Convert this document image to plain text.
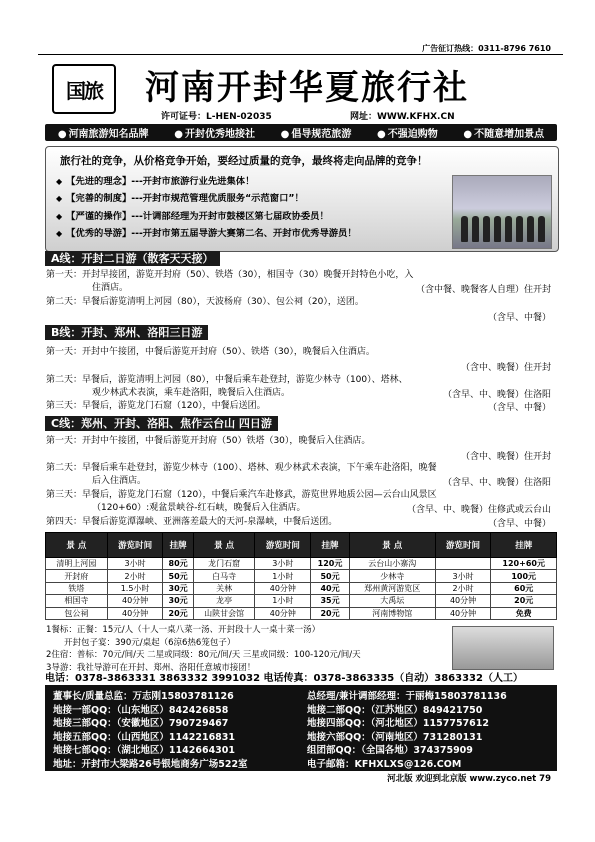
广告征订热线：0311-8796 7610
国旅 河南开封华夏旅行社
许可证号：L-HEN-02035	网址：WWW.KFHX.CN
● 河南旅游知名品牌	● 开封优秀地接社	● 倡导规范旅游	● 不强迫购物	● 不随意增加景点
旅行社的竞争，从价格竞争开始，要经过质量的竞争，最终将走向品牌的竞争！
◆ 【先进的理念】---开封市旅游行业先进集体！
◆ 【完善的制度】---开封市规范管理优质服务“示范窗口”！
◆ 【严谨的操作】---计调部经理为开封市鼓楼区第七届政协委员！
◆ 【优秀的导游】---开封市第五届导游大赛第二名、开封市优秀导游员！
A线：开封二日游（散客天天接）
第一天：开封早接团，游览开封府（50）、铁塔（30），相国寺（30）晚餐开封特色小吃，入
住酒店。	（含中餐、晚餐客人自理）住开封
第二天：早餐后游览清明上河园（80），天波杨府（30）、包公祠（20），送团。
（含早、中餐）
B线：开封、郑州、洛阳三日游
第一天：开封中午接团，中餐后游览开封府（50）、铁塔（30），晚餐后入住酒店。
（含中、晚餐）住开封
第二天：早餐后，游览清明上河园（80），中餐后乘车赴登封，游览少林寺（100）、塔林、
观少林武术表演，乘车赴洛阳，晚餐后入住酒店。	（含早、中、晚餐）住洛阳
第三天：早餐后，游览龙门石窟（120），中餐后送团。	（含早、中餐）
C线：郑州、开封、洛阳、焦作云台山 四日游
第一天：开封中午接团，中餐后游览开封府（50）铁塔（30），晚餐后入住酒店。
（含中、晚餐）住开封
第二天：早餐后乘车赴登封，游览少林寺（100）、塔林、观少林武术表演，下午乘车赴洛阳，晚餐
后入住酒店。	（含早、中、晚餐）住洛阳
第三天：早餐后，游览龙门石窟（120），中餐后乘汽车赴修武，游览世界地质公园—云台山风景区
（120+60）:观盆景峡谷-红石峡，晚餐后入住酒店。	（含早、中、晚餐）住修武或云台山
第四天：早餐后游览潭瀑峡、亚洲落差最大的天河-泉瀑峡，中餐后送团。	（含早、中餐）
景 点	游览时间	挂牌	景 点	游览时间	挂牌	景 点	游览时间	挂牌
清明上河园	3小时	80元	龙门石窟	3小时	120元	云台山小寨沟		120+60元
开封府	2小时	50元	白马寺	1小时	50元	少林寺	3小时	100元
铁塔	1.5小时	30元	关林	40分钟	40元	郑州黄河游览区	2小时	60元
相国寺	40分钟	30元	龙亭	1小时	35元	大禹坛	40分钟	20元
包公祠	40分钟	20元	山陕甘会馆	40分钟	20元	河南博物馆	40分钟	免费
1餐标：正餐：15元/人（十人一桌八菜一汤、开封段十人一桌十菜一汤）
开封包子宴：390元/桌起（6涼6热6笼包子）
2住宿：普标：70元/间/天 二星或同级：80元/间/天 三星或同级：100-120元/间/天
3导游：我社导游可在开封、郑州、洛阳任意城市接团！
电话：0378-3863331 3863332 3991032 电话传真：0378-3863335（自动）3863332（人工）
董事长/质量总监：万志刚15803781126	总经理/兼计调部经理：于丽梅15803781136
地接一部QQ：（山东地区）842426858	地接二部QQ：（江苏地区）849421750
地接三部QQ：（安徽地区）790729467	地接四部QQ：（河北地区）1157757612
地接五部QQ：（山西地区）1142216831	地接六部QQ：（河南地区）731280131
地接七部QQ：（湖北地区）1142664301	组团部QQ：（全国各地）374375909
地址：开封市大梁路26号银地商务广场522室	电子邮箱：KFHXLXS@126.COM
河北版 欢迎到北京版 www.zyco.net 79
